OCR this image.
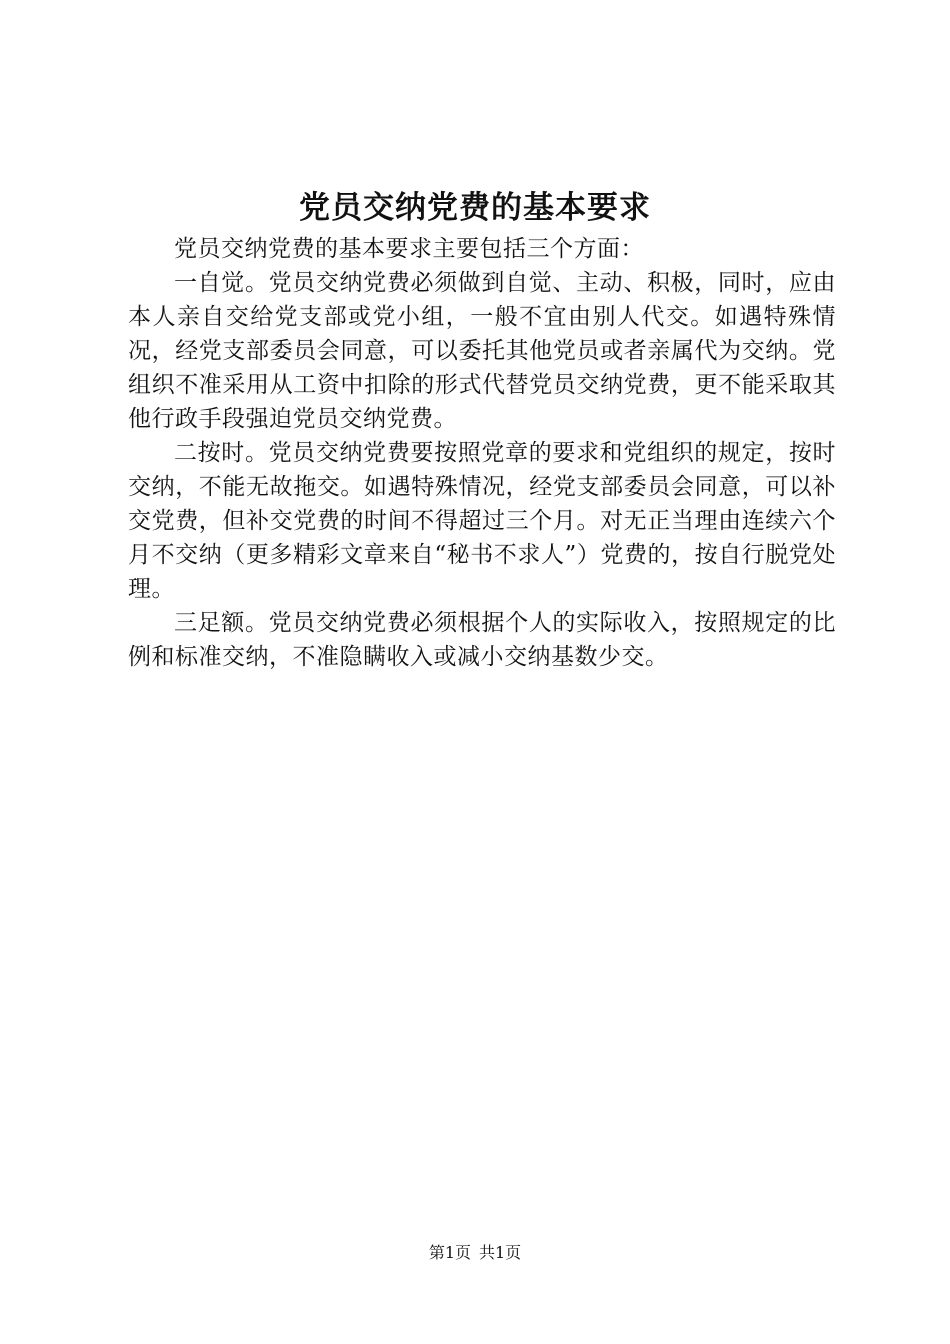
党员交纳党费的基本要求

党员交纳党费的基本要求主要包括三个方面：

一自觉。党员交纳党费必须做到自觉、主动、积极，同时，应由本人亲自交给党支部或党小组，一般不宜由别人代交。如遇特殊情况，经党支部委员会同意，可以委托其他党员或者亲属代为交纳。党组织不准采用从工资中扣除的形式代替党员交纳党费，更不能采取其他行政手段强迫党员交纳党费。

二按时。党员交纳党费要按照党章的要求和党组织的规定，按时交纳，不能无故拖交。如遇特殊情况，经党支部委员会同意，可以补交党费，但补交党费的时间不得超过三个月。对无正当理由连续六个月不交纳（更多精彩文章来自“秘书不求人”）党费的，按自行脱党处理。

三足额。党员交纳党费必须根据个人的实际收入，按照规定的比例和标准交纳，不准隐瞒收入或减小交纳基数少交。

第1页 共1页
